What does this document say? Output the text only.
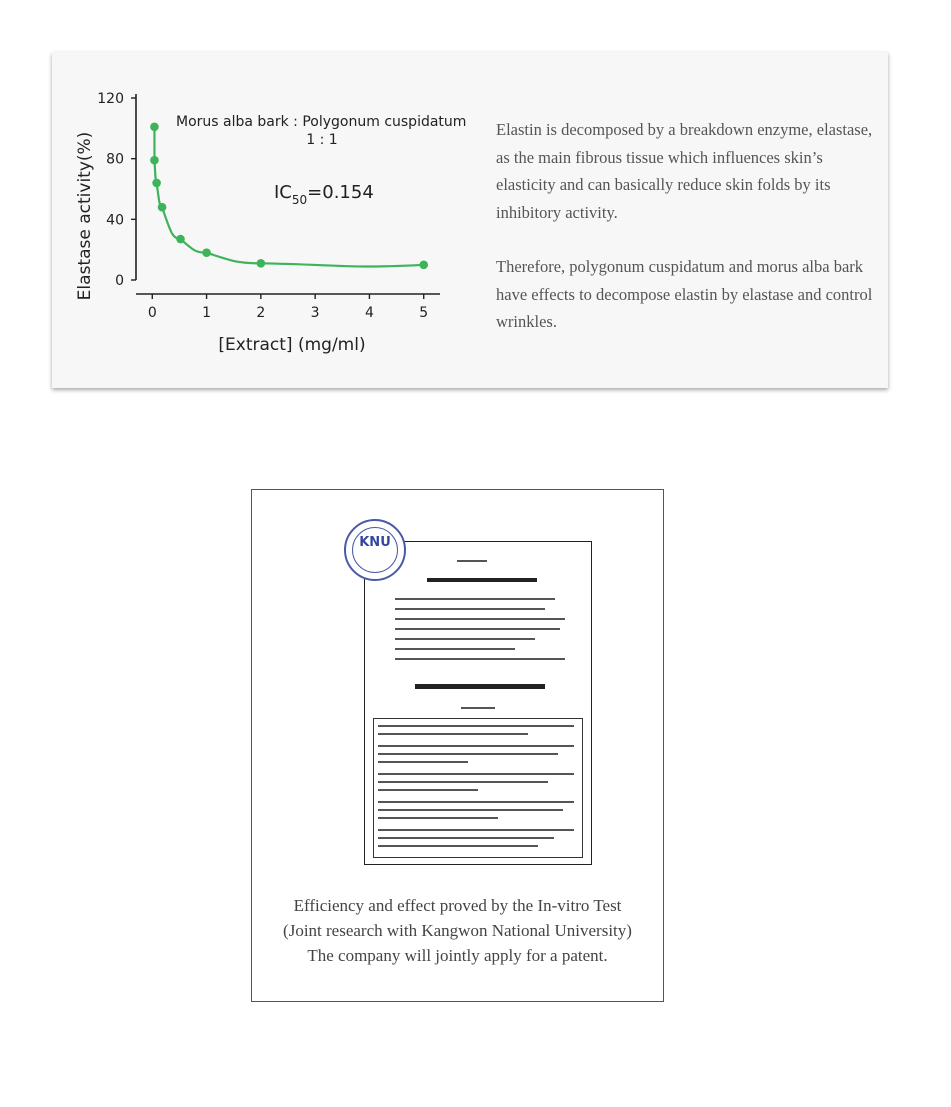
0
40
80
120
0	1	2	3	4	5
Morus alba bark : Polygonum cuspidatum
1 : 1
$IC_{50}=0.154$
[Extract] (mg/ml)
Elastase activity(%)

Elastin is decomposed by a breakdown enzyme, elastase, as the main fibrous tissue which influences skin’s elasticity and can basically reduce skin folds by its inhibitory activity.

Therefore, polygonum cuspidatum and morus alba bark have effects to decompose elastin by elastase and control wrinkles.

KNU
Efficiency and effect proved by the In-vitro Test
(Joint research with Kangwon National University)
The company will jointly apply for a patent.
